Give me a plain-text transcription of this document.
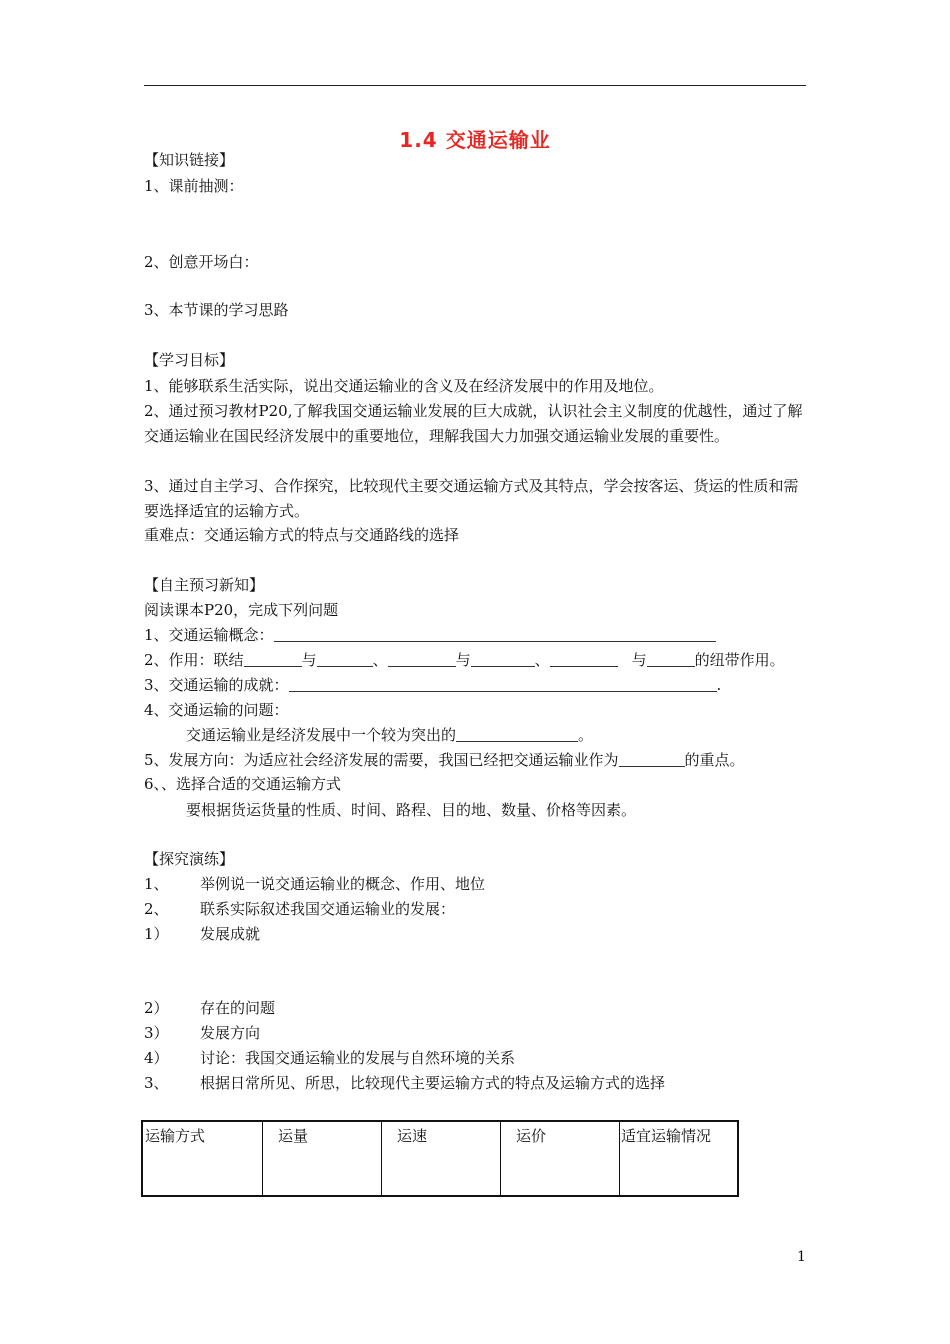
1.4 交通运输业
【知识链接】
1、课前抽测：
2、创意开场白：
3、本节课的学习思路
【学习目标】
1、能够联系生活实际，说出交通运输业的含义及在经济发展中的作用及地位。
2、通过预习教材P20,了解我国交通运输业发展的巨大成就，认识社会主义制度的优越性，通过了解交通运输业在国民经济发展中的重要地位，理解我国大力加强交通运输业发展的重要性。
3、通过自主学习、合作探究，比较现代主要交通运输方式及其特点，学会按客运、货运的性质和需要选择适宜的运输方式。
重难点：交通运输方式的特点与交通路线的选择
【自主预习新知】
阅读课本P20，完成下列问题
1、交通运输概念：
2、作用：联结	与	、	与	、	与	的纽带作用。
3、交通运输的成就：	.
4、交通运输的问题：
交通运输业是经济发展中一个较为突出的	。
5、发展方向：为适应社会经济发展的需要，我国已经把交通运输业作为	的重点。
6、、选择合适的交通运输方式
要根据货运货量的性质、时间、路程、目的地、数量、价格等因素。
【探究演练】
1、 举例说一说交通运输业的概念、作用、地位
2、 联系实际叙述我国交通运输业的发展：
1） 发展成就
2） 存在的问题
3） 发展方向
4） 讨论：我国交通运输业的发展与自然环境的关系
3、 根据日常所见、所思，比较现代主要运输方式的特点及运输方式的选择
运输方式	运量	运速	运价	适宜运输情况
1
